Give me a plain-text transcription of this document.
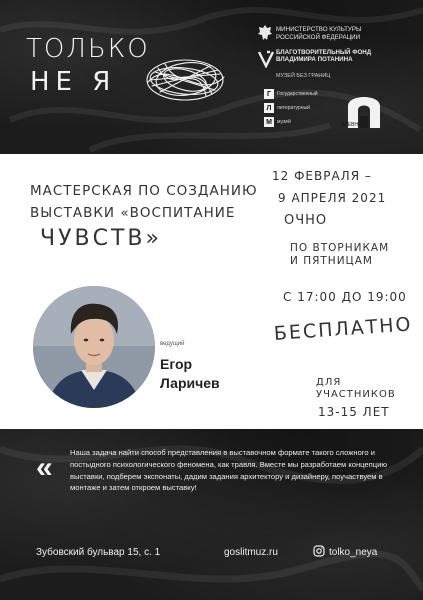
ТОЛЬКО
НЕ Я
МИНИСТЕРСТВО КУЛЬТУРЫ РОССИЙСКОЙ ФЕДЕРАЦИИ
БЛАГОТВОРИТЕЛЬНЫЙ ФОНД ВЛАДИМИРА ПОТАНИНА
МУЗЕЙ БЕЗ ГРАНИЦ
Г	Государственный
Л	литературный
М	музей
ДРЕВНЯЯ
МАСТЕРСКАЯ ПО СОЗДАНИЮ
ВЫСТАВКИ «ВОСПИТАНИЕ
ЧУВСТВ»
12 ФЕВРАЛЯ –
9 АПРЕЛЯ 2021
ОЧНО
ПО ВТОРНИКАМ
И ПЯТНИЦАМ
С 17:00 ДО 19:00
БЕСПЛАТНО
ДЛЯ
УЧАСТНИКОВ
13-15 ЛЕТ
ведущий
Егор
Ларичев
« Наша задача найти способ представления в выставочном формате такого сложного и постыдного психологического феномена, как травля. Вместе мы разработаем концепцию выставки, подберем экспонаты, дадим задания архитектору и дизайнеру, поучаствуем в монтаже и затем откроем выставку!
Зубовский бульвар 15, с. 1	goslitmuz.ru	tolko_neya
